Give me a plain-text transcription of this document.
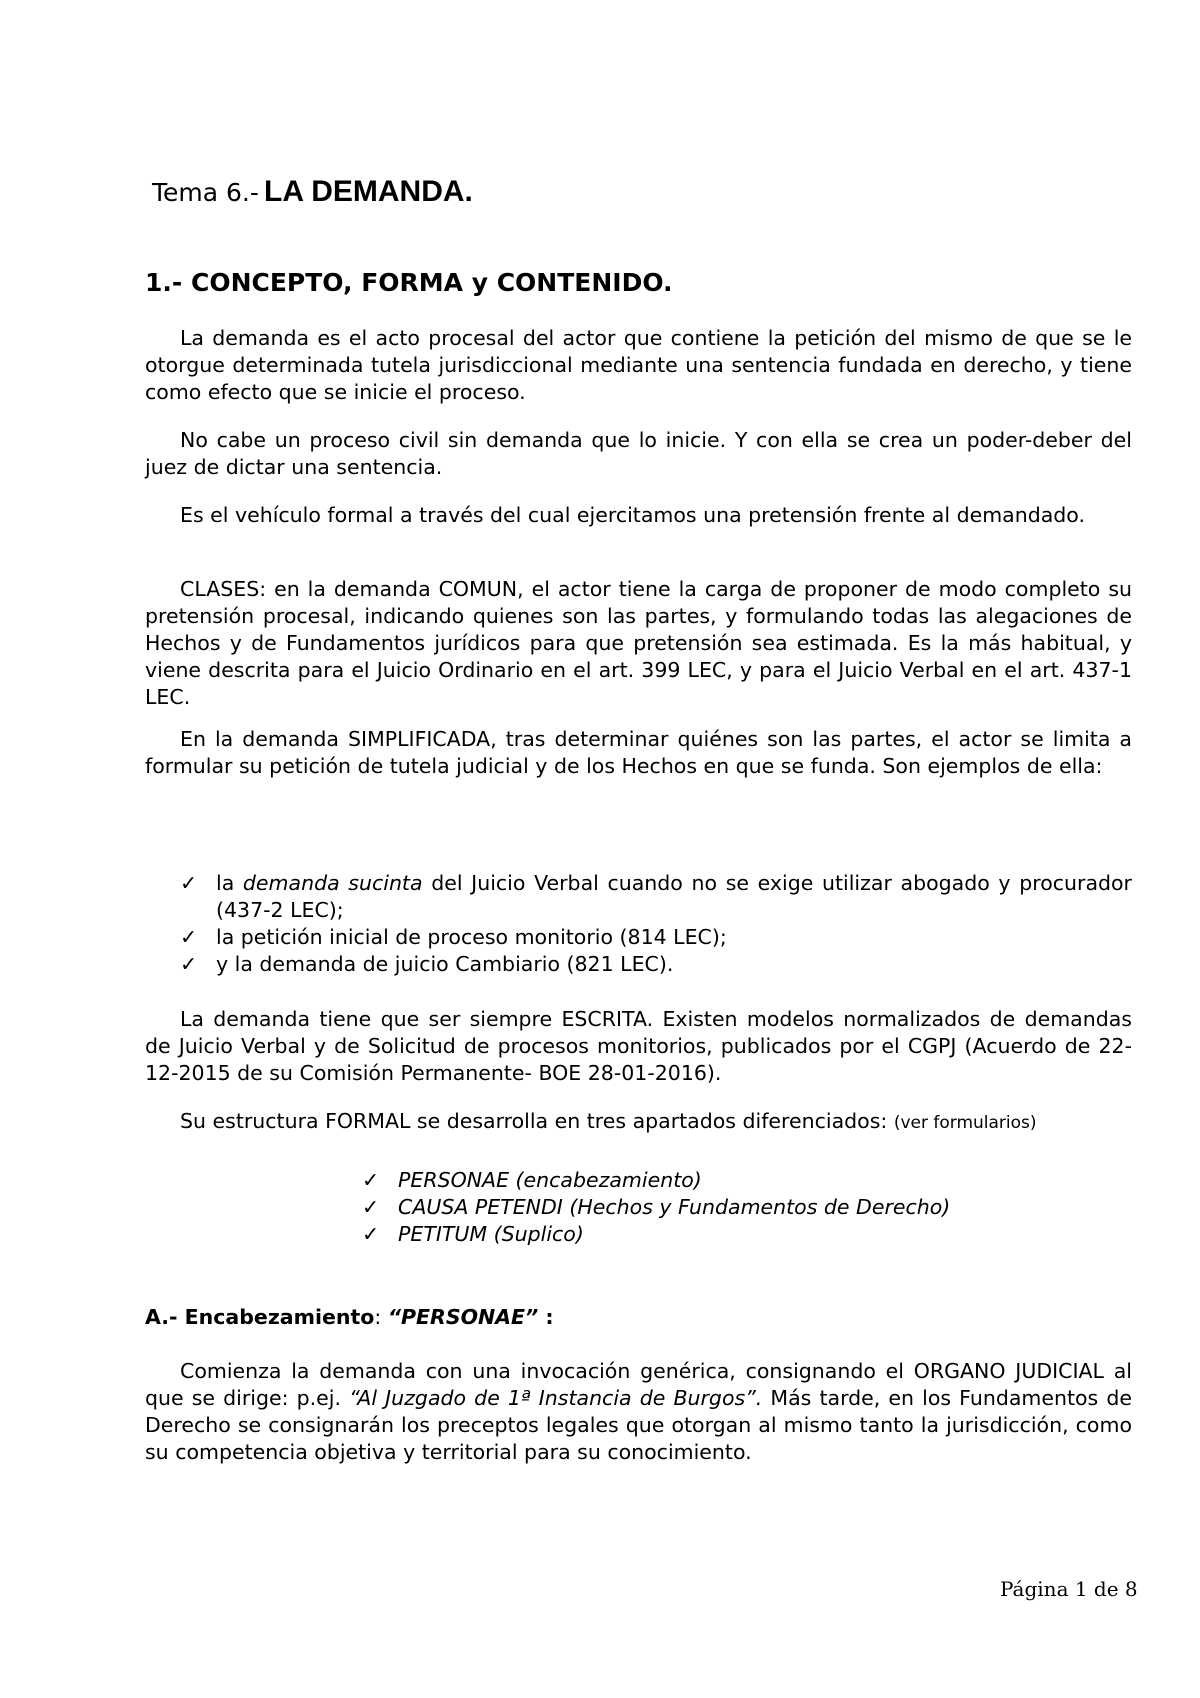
Tema 6.- LA DEMANDA.
1.- CONCEPTO, FORMA y CONTENIDO.

La demanda es el acto procesal del actor que contiene la petición del mismo de que se le otorgue determinada tutela jurisdiccional mediante una sentencia fundada en derecho, y tiene como efecto que se inicie el proceso.

No cabe un proceso civil sin demanda que lo inicie. Y con ella se crea un poder-deber del juez de dictar una sentencia.

Es el vehículo formal a través del cual ejercitamos una pretensión frente al demandado.

CLASES: en la demanda COMUN, el actor tiene la carga de proponer de modo completo su pretensión procesal, indicando quienes son las partes, y formulando todas las alegaciones de Hechos y de Fundamentos jurídicos para que pretensión sea estimada. Es la más habitual, y viene descrita para el Juicio Ordinario en el art. 399 LEC, y para el Juicio Verbal en el art. 437-1 LEC.

En la demanda SIMPLIFICADA, tras determinar quiénes son las partes, el actor se limita a formular su petición de tutela judicial y de los Hechos en que se funda. Son ejemplos de ella:

✓ la demanda sucinta del Juicio Verbal cuando no se exige utilizar abogado y procurador (437-2 LEC);
✓ la petición inicial de proceso monitorio (814 LEC);
✓ y la demanda de juicio Cambiario (821 LEC).

La demanda tiene que ser siempre ESCRITA. Existen modelos normalizados de demandas de Juicio Verbal y de Solicitud de procesos monitorios, publicados por el CGPJ (Acuerdo de 22-12-2015 de su Comisión Permanente- BOE 28-01-2016).

Su estructura FORMAL se desarrolla en tres apartados diferenciados: (ver formularios)

✓ PERSONAE (encabezamiento)
✓ CAUSA PETENDI (Hechos y Fundamentos de Derecho)
✓ PETITUM (Suplico)
A.- Encabezamiento: “PERSONAE” :

Comienza la demanda con una invocación genérica, consignando el ORGANO JUDICIAL al que se dirige: p.ej. “Al Juzgado de 1ª Instancia de Burgos”. Más tarde, en los Fundamentos de Derecho se consignarán los preceptos legales que otorgan al mismo tanto la jurisdicción, como su competencia objetiva y territorial para su conocimiento.

Página 1 de 8
